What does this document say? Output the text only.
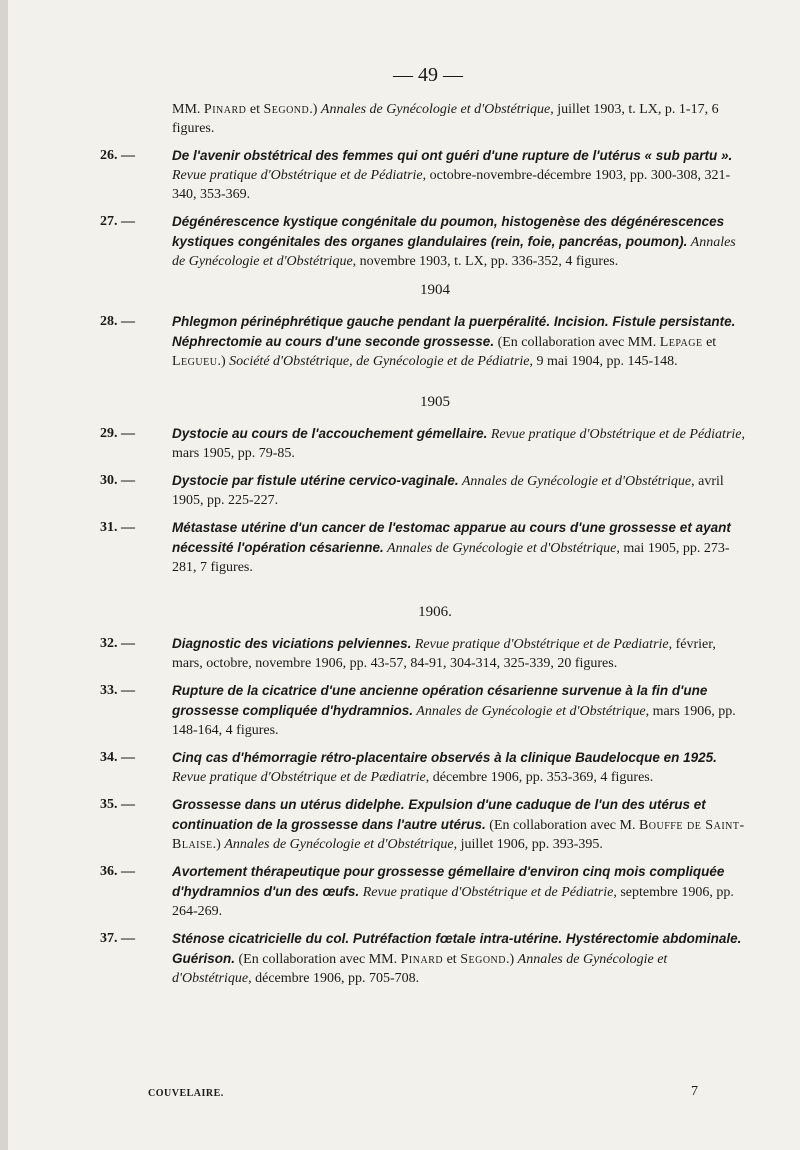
— 49 —
MM. Pinard et Segond.) Annales de Gynécologie et d'Obstétrique, juillet 1903, t. LX, p. 1-17, 6 figures.
26. —	De l'avenir obstétrical des femmes qui ont guéri d'une rupture de l'utérus « sub partu ». Revue pratique d'Obstétrique et de Pédiatrie, octobre-novembre-décembre 1903, pp. 300-308, 321-340, 353-369.
27. —	Dégénérescence kystique congénitale du poumon, histogenèse des dégénérescences kystiques congénitales des organes glandulaires (rein, foie, pancréas, poumon). Annales de Gynécologie et d'Obstétrique, novembre 1903, t. LX, pp. 336-352, 4 figures.
1904
28. —	Phlegmon périnéphrétique gauche pendant la puerpéralité. Incision. Fistule persistante. Néphrectomie au cours d'une seconde grossesse. (En collaboration avec MM. Lepage et Legueu.) Société d'Obstétrique, de Gynécologie et de Pédiatrie, 9 mai 1904, pp. 145-148.
1905
29. —	Dystocie au cours de l'accouchement gémellaire. Revue pratique d'Obstétrique et de Pédiatrie, mars 1905, pp. 79-85.
30. —	Dystocie par fistule utérine cervico-vaginale. Annales de Gynécologie et d'Obstétrique, avril 1905, pp. 225-227.
31. —	Métastase utérine d'un cancer de l'estomac apparue au cours d'une grossesse et ayant nécessité l'opération césarienne. Annales de Gynécologie et d'Obstétrique, mai 1905, pp. 273-281, 7 figures.
1906.
32. —	Diagnostic des viciations pelviennes. Revue pratique d'Obstétrique et de Pædiatrie, février, mars, octobre, novembre 1906, pp. 43-57, 84-91, 304-314, 325-339, 20 figures.
33. —	Rupture de la cicatrice d'une ancienne opération césarienne survenue à la fin d'une grossesse compliquée d'hydramnios. Annales de Gynécologie et d'Obstétrique, mars 1906, pp. 148-164, 4 figures.
34. —	Cinq cas d'hémorragie rétro-placentaire observés à la clinique Baudelocque en 1925. Revue pratique d'Obstétrique et de Pædiatrie, décembre 1906, pp. 353-369, 4 figures.
35. —	Grossesse dans un utérus didelphe. Expulsion d'une caduque de l'un des utérus et continuation de la grossesse dans l'autre utérus. (En collaboration avec M. Bouffe de Saint-Blaise.) Annales de Gynécologie et d'Obstétrique, juillet 1906, pp. 393-395.
36. —	Avortement thérapeutique pour grossesse gémellaire d'environ cinq mois compliquée d'hydramnios d'un des œufs. Revue pratique d'Obstétrique et de Pédiatrie, septembre 1906, pp. 264-269.
37. —	Sténose cicatricielle du col. Putréfaction fœtale intra-utérine. Hystérectomie abdominale. Guérison. (En collaboration avec MM. Pinard et Segond.) Annales de Gynécologie et d'Obstétrique, décembre 1906, pp. 705-708.
COUVELAIRE.	7
